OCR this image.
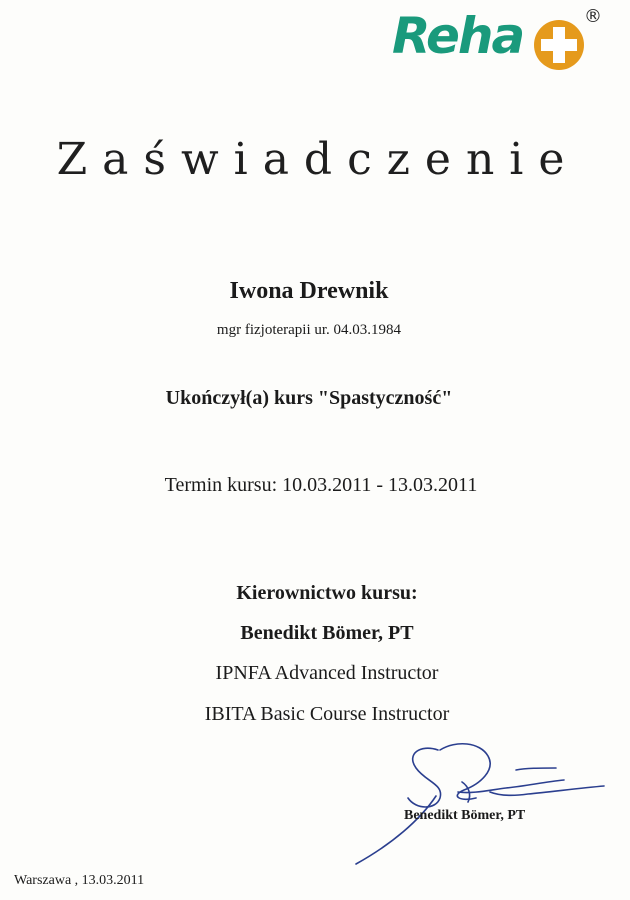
Reha	®
Zaświadczenie
Iwona Drewnik
mgr fizjoterapii ur. 04.03.1984
Ukończył(a) kurs "Spastyczność"
Termin kursu: 10.03.2011 - 13.03.2011
Kierownictwo kursu:
Benedikt Bömer, PT
IPNFA Advanced Instructor
IBITA Basic Course Instructor
Benedikt Bömer, PT
Warszawa , 13.03.2011
